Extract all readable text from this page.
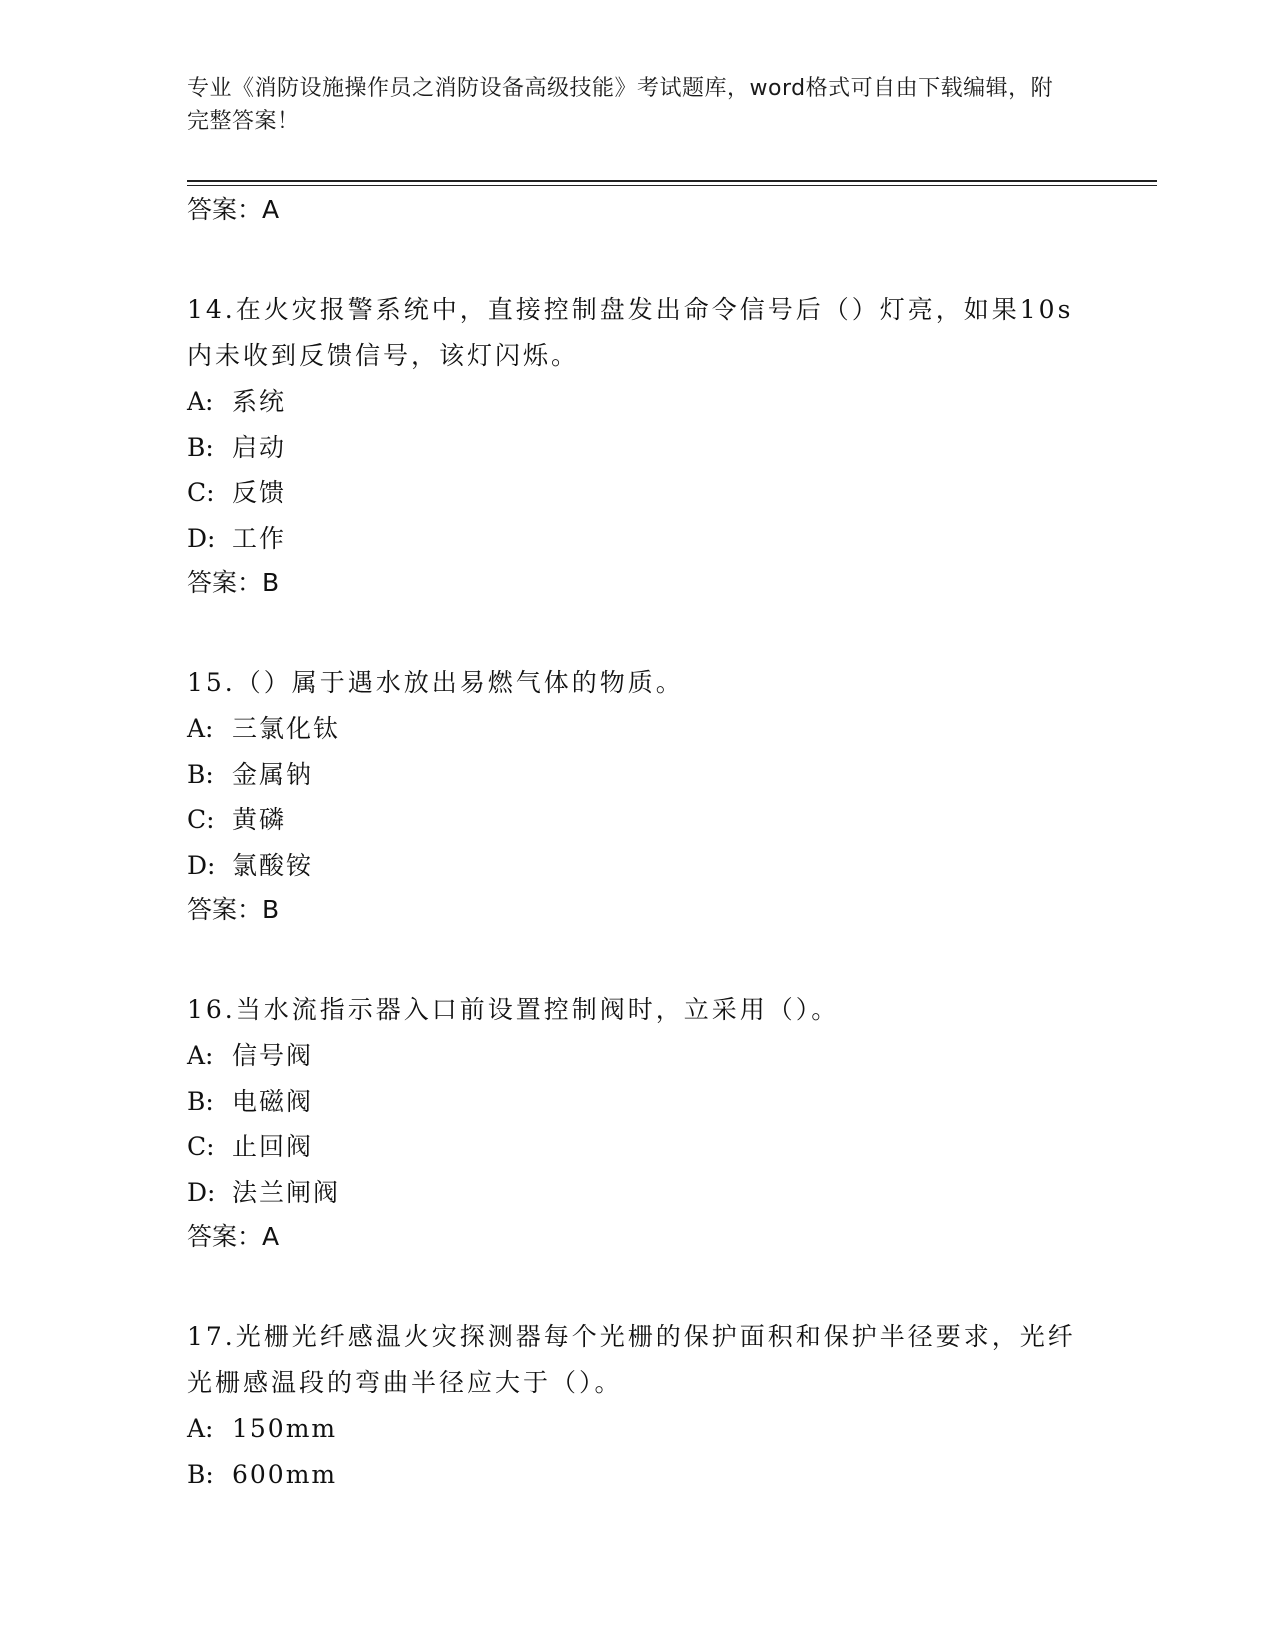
专业《消防设施操作员之消防设备高级技能》考试题库，word格式可自由下载编辑，附完整答案！
答案：A
14.在火灾报警系统中，直接控制盘发出命令信号后（）灯亮，如果10s内未收到反馈信号，该灯闪烁。
A: 系统
B: 启动
C: 反馈
D: 工作
答案：B
15.（）属于遇水放出易燃气体的物质。
A: 三氯化钛
B: 金属钠
C: 黄磷
D: 氯酸铵
答案：B
16.当水流指示器入口前设置控制阀时，立采用（）。
A: 信号阀
B: 电磁阀
C: 止回阀
D: 法兰闸阀
答案：A
17.光栅光纤感温火灾探测器每个光栅的保护面积和保护半径要求，光纤光栅感温段的弯曲半径应大于（）。
A: 150mm
B: 600mm
